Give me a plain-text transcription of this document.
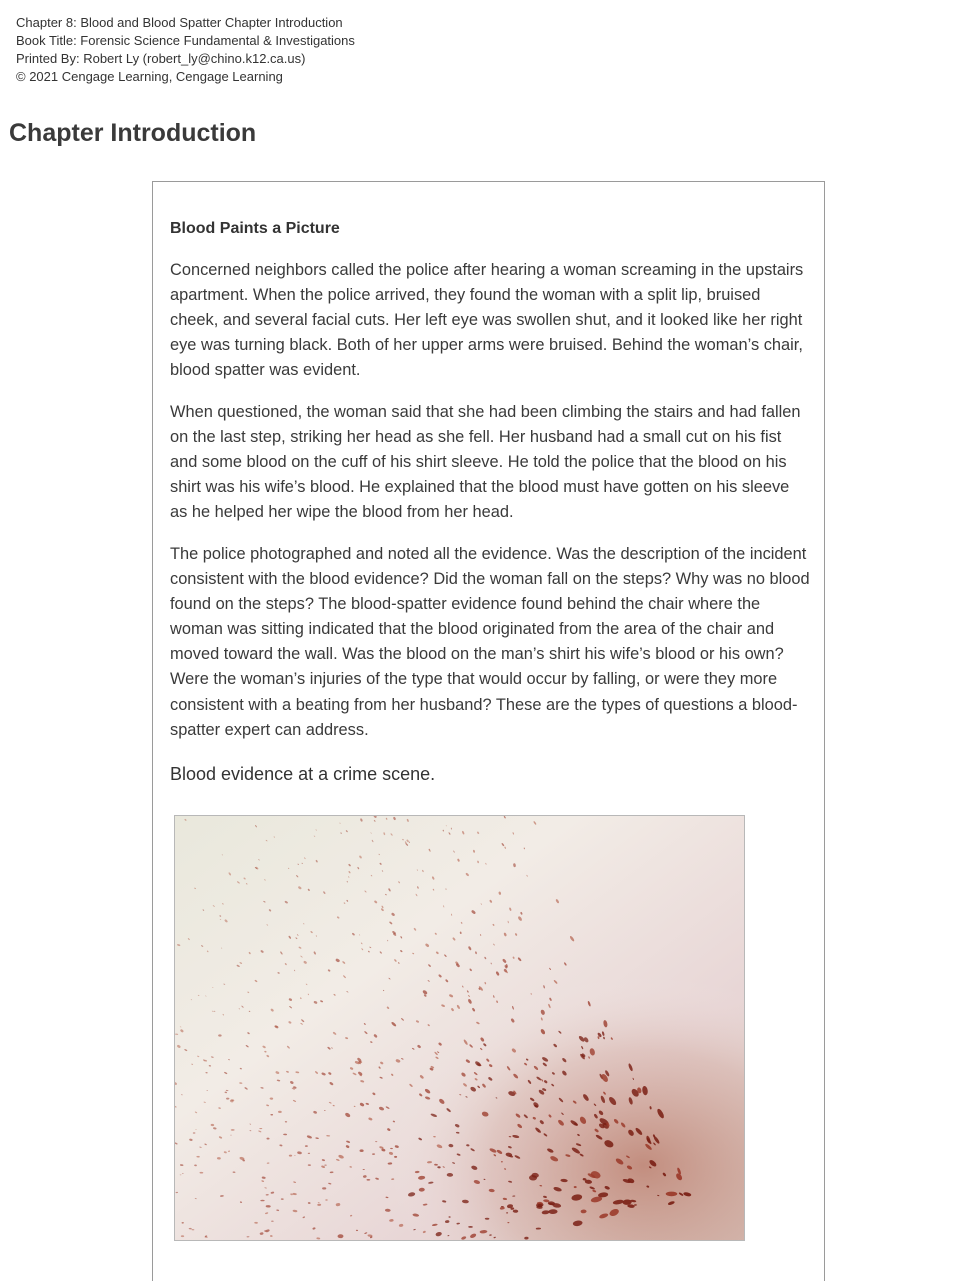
Chapter 8: Blood and Blood Spatter Chapter Introduction
Book Title: Forensic Science Fundamental & Investigations
Printed By: Robert Ly (robert_ly@chino.k12.ca.us)
© 2021 Cengage Learning, Cengage Learning
Chapter Introduction
Blood Paints a Picture

Concerned neighbors called the police after hearing a woman screaming in the upstairs apartment. When the police arrived, they found the woman with a split lip, bruised cheek, and several facial cuts. Her left eye was swollen shut, and it looked like her right eye was turning black. Both of her upper arms were bruised. Behind the woman’s chair, blood spatter was evident.

When questioned, the woman said that she had been climbing the stairs and had fallen on the last step, striking her head as she fell. Her husband had a small cut on his fist and some blood on the cuff of his shirt sleeve. He told the police that the blood on his shirt was his wife’s blood. He explained that the blood must have gotten on his sleeve as he helped her wipe the blood from her head.

The police photographed and noted all the evidence. Was the description of the incident consistent with the blood evidence? Did the woman fall on the steps? Why was no blood found on the steps? The blood-spatter evidence found behind the chair where the woman was sitting indicated that the blood originated from the area of the chair and moved toward the wall. Was the blood on the man’s shirt his wife’s blood or his own? Were the woman’s injuries of the type that would occur by falling, or were they more consistent with a beating from her husband? These are the types of questions a blood-spatter expert can address.

Blood evidence at a crime scene.
